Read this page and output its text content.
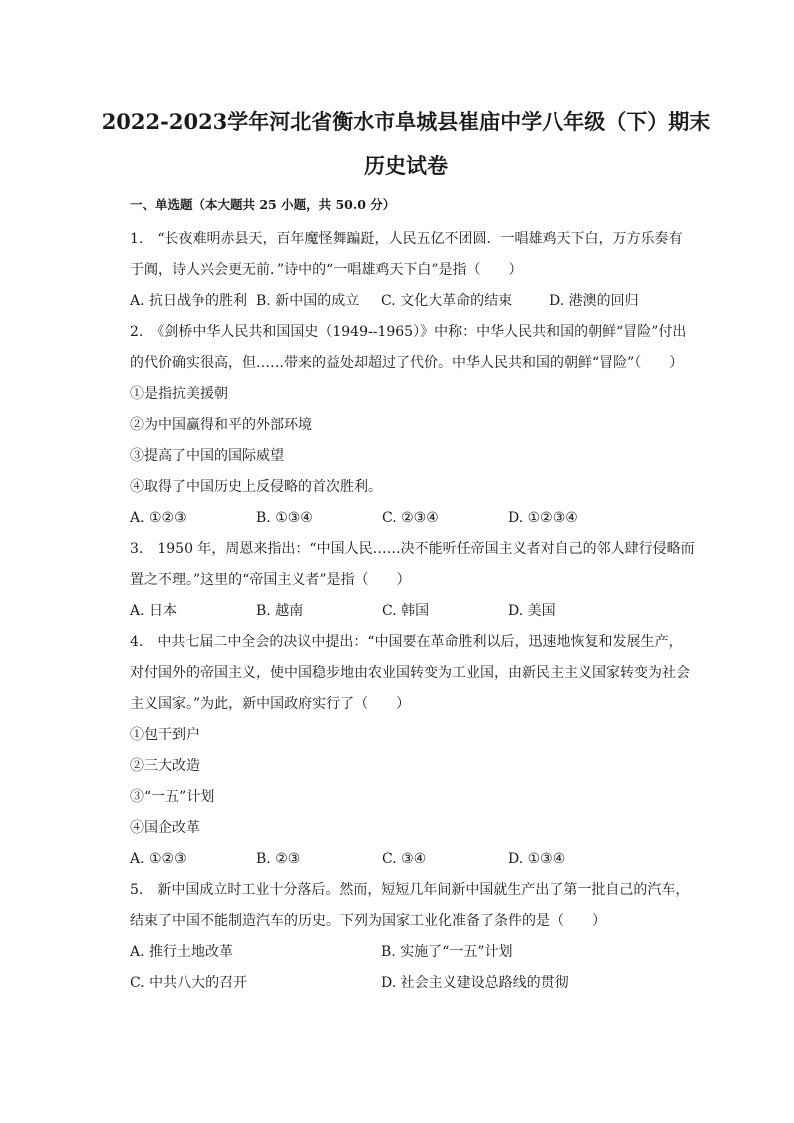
2022-2023学年河北省衡水市阜城县崔庙中学八年级（下）期末
历史试卷
一、单选题（本大题共 25 小题，共 50.0 分）
1.　“长夜难明赤县天，百年魔怪舞蹁跹，人民五亿不团圆．一唱雄鸡天下白，万方乐奏有
于阗，诗人兴会更无前．”诗中的“一唱雄鸡天下白”是指（　　）
A. 抗日战争的胜利 B. 新中国的成立	C. 文化大革命的结束	D. 港澳的回归
2.　《剑桥中华人民共和国国史（1949--1965）》中称：中华人民共和国的朝鲜“冒险”付出
的代价确实很高，但……带来的益处却超过了代价。中华人民共和国的朝鲜“冒险”（　　）
①是指抗美援朝
②为中国赢得和平的外部环境
③提高了中国的国际威望
④取得了中国历史上反侵略的首次胜利。
A. ①②③	B. ①③④	C. ②③④	D. ①②③④
3.　1950 年，周恩来指出：“中国人民……决不能听任帝国主义者对自己的邻人肆行侵略而
置之不理。”这里的“帝国主义者”是指（　　）
A. 日本	B. 越南	C. 韩国	D. 美国
4.　中共七届二中全会的决议中提出：“中国要在革命胜利以后，迅速地恢复和发展生产，
对付国外的帝国主义，使中国稳步地由农业国转变为工业国，由新民主主义国家转变为社会
主义国家。”为此，新中国政府实行了（　　）
①包干到户
②三大改造
③“一五”计划
④国企改革
A. ①②③	B. ②③	C. ③④	D. ①③④
5.　新中国成立时工业十分落后。然而，短短几年间新中国就生产出了第一批自己的汽车，
结束了中国不能制造汽车的历史。下列为国家工业化准备了条件的是（　　）
A. 推行土地改革	B. 实施了“一五”计划
C. 中共八大的召开	D. 社会主义建设总路线的贯彻
